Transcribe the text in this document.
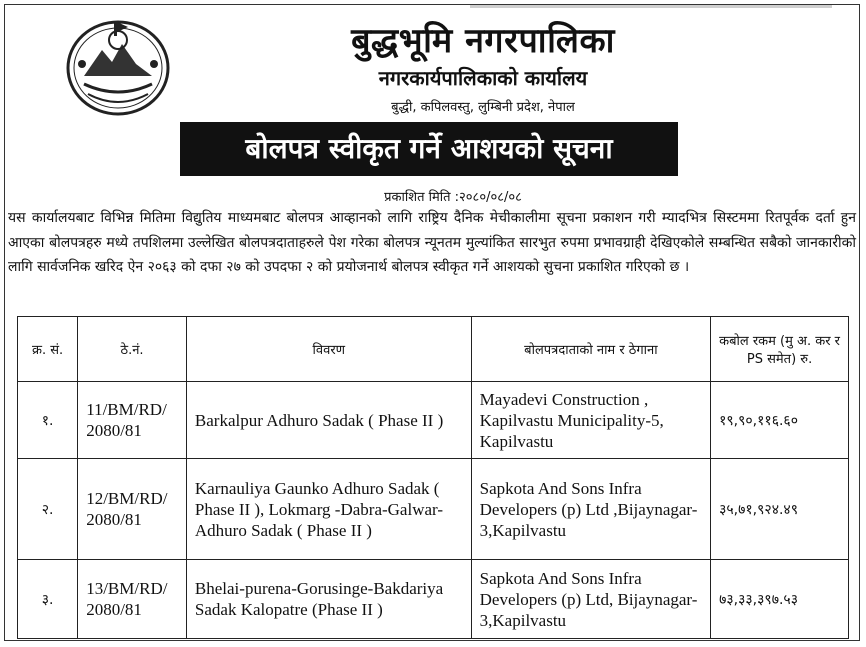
बुद्धभूमि नगरपालिका
नगरकार्यपालिकाको कार्यालय
बुद्धी, कपिलवस्तु, लुम्बिनी प्रदेश, नेपाल
बोलपत्र स्वीकृत गर्ने आशयको सूचना
प्रकाशित मिति :२०८०/०८/०८
यस कार्यालयबाट विभिन्न मितिमा विद्युतिय माध्यमबाट बोलपत्र आव्हानको लागि राष्ट्रिय दैनिक मेचीकालीमा सूचना प्रकाशन गरी म्यादभित्र सिस्टममा रितपूर्वक दर्ता हुन आएका बोलपत्रहरु मध्ये तपशिलमा उल्लेखित बोलपत्रदाताहरुले पेश गरेका बोलपत्र न्यूनतम मुल्यांकित सारभुत रुपमा प्रभावग्राही देखिएकोले सम्बन्धित सबैको जानकारीको लागि सार्वजनिक खरिद ऐन २०६३ को दफा २७ को उपदफा २ को प्रयोजनार्थ बोलपत्र स्वीकृत गर्ने आशयको सुचना प्रकाशित गरिएको छ ।
क्र. सं.	ठे.नं.	विवरण	बोलपत्रदाताको नाम र ठेगाना	कबोल रकम (मु अ. कर र PS समेत) रु.
१.	11/BM/RD/ 2080/81	Barkalpur Adhuro Sadak ( Phase II )	Mayadevi Construction , Kapilvastu Municipality-5, Kapilvastu	१९,९०,११६.६०
२.	12/BM/RD/ 2080/81	Karnauliya Gaunko Adhuro Sadak ( Phase II ), Lokmarg -Dabra-Galwar-Adhuro Sadak ( Phase II )	Sapkota And Sons Infra Developers (p) Ltd ,Bijaynagar-3,Kapilvastu	३५,७१,९२४.४९
३.	13/BM/RD/ 2080/81	Bhelai-purena-Gorusinge-Bakdariya Sadak Kalopatre (Phase II )	Sapkota And Sons Infra Developers (p) Ltd, Bijaynagar-3,Kapilvastu	७३,३३,३९७.५३
